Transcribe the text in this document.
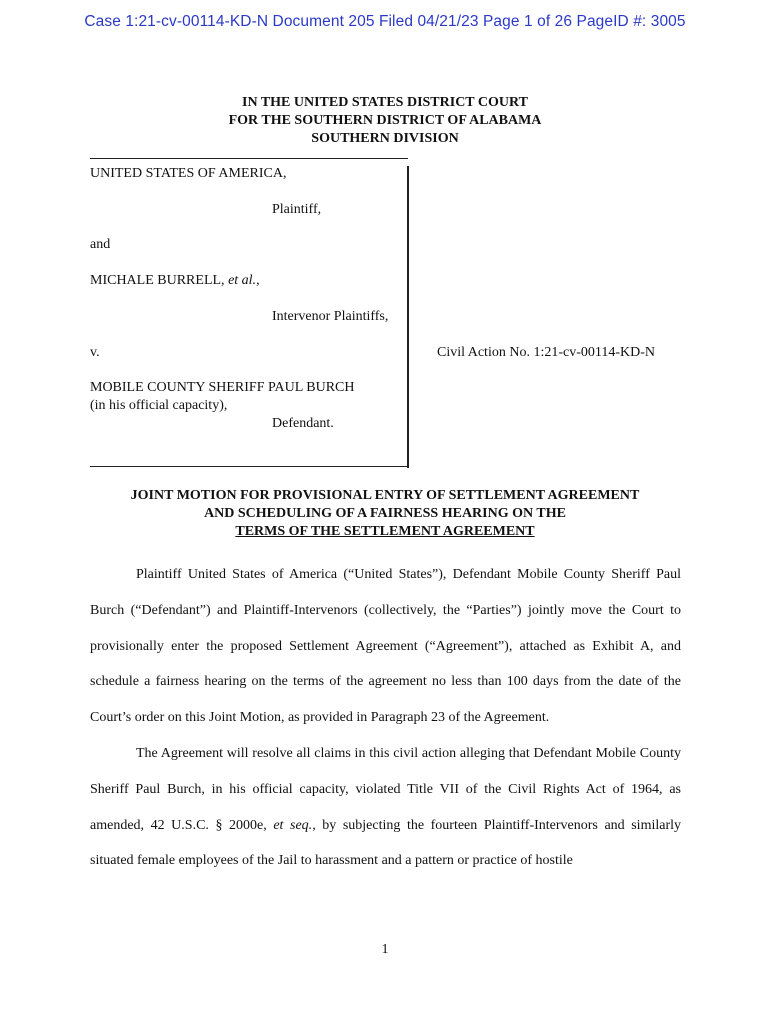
Case 1:21-cv-00114-KD-N Document 205 Filed 04/21/23 Page 1 of 26 PageID #: 3005
IN THE UNITED STATES DISTRICT COURT
FOR THE SOUTHERN DISTRICT OF ALABAMA
SOUTHERN DIVISION
UNITED STATES OF AMERICA,
Plaintiff,
and
MICHALE BURRELL, et al.,
Intervenor Plaintiffs,
v.	Civil Action No. 1:21-cv-00114-KD-N
MOBILE COUNTY SHERIFF PAUL BURCH
(in his official capacity),
Defendant.
JOINT MOTION FOR PROVISIONAL ENTRY OF SETTLEMENT AGREEMENT
AND SCHEDULING OF A FAIRNESS HEARING ON THE
TERMS OF THE SETTLEMENT AGREEMENT

Plaintiff United States of America (“United States”), Defendant Mobile County Sheriff Paul Burch (“Defendant”) and Plaintiff-Intervenors (collectively, the “Parties”) jointly move the Court to provisionally enter the proposed Settlement Agreement (“Agreement”), attached as Exhibit A, and schedule a fairness hearing on the terms of the agreement no less than 100 days from the date of the Court’s order on this Joint Motion, as provided in Paragraph 23 of the Agreement.

The Agreement will resolve all claims in this civil action alleging that Defendant Mobile County Sheriff Paul Burch, in his official capacity, violated Title VII of the Civil Rights Act of 1964, as amended, 42 U.S.C. § 2000e, et seq., by subjecting the fourteen Plaintiff-Intervenors and similarly situated female employees of the Jail to harassment and a pattern or practice of hostile

1
